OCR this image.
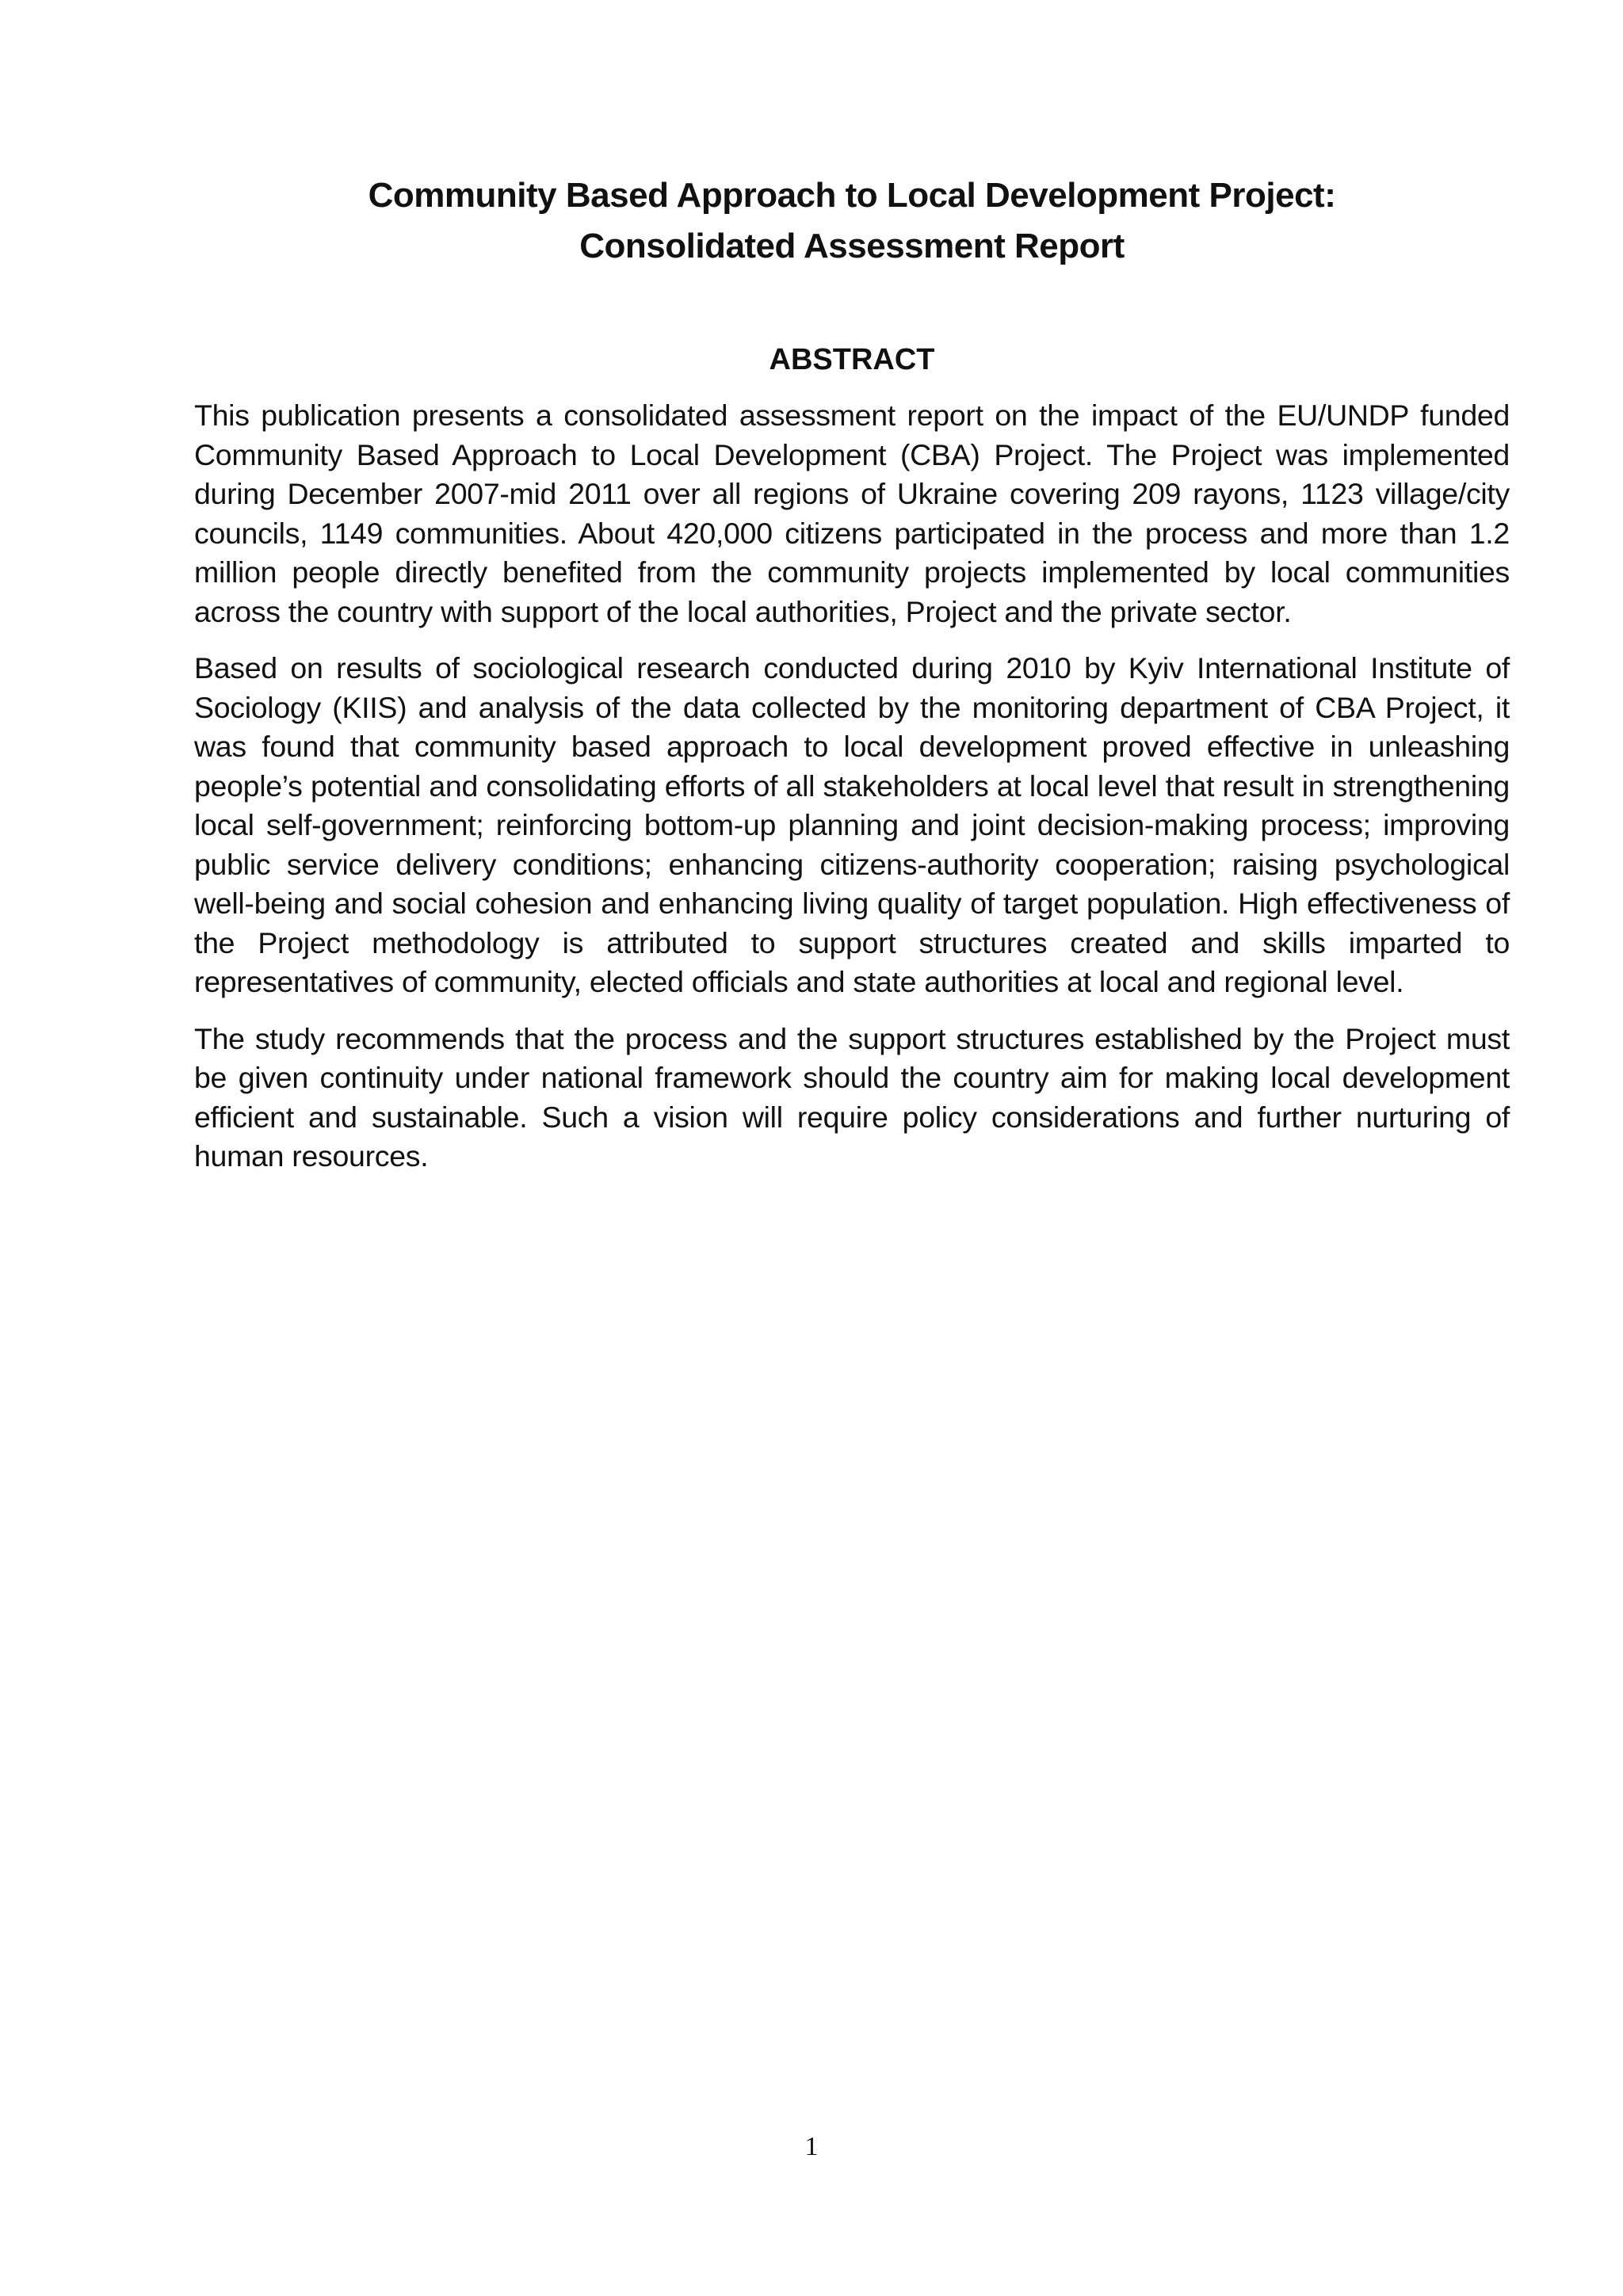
Community Based Approach to Local Development Project:
Consolidated Assessment Report
ABSTRACT

This publication presents a consolidated assessment report on the impact of the EU/UNDP funded Community Based Approach to Local Development (CBA) Project. The Project was implemented during December 2007-mid 2011 over all regions of Ukraine covering 209 rayons, 1123 village/city councils, 1149 communities. About 420,000 citizens participated in the process and more than 1.2 million people directly benefited from the community projects implemented by local communities across the country with support of the local authorities, Project and the private sector.

Based on results of sociological research conducted during 2010 by Kyiv International Institute of Sociology (KIIS) and analysis of the data collected by the monitoring department of CBA Project, it was found that community based approach to local development proved effective in unleashing people’s potential and consolidating efforts of all stakeholders at local level that result in strengthening local self-government; reinforcing bottom-up planning and joint decision-making process; improving public service delivery conditions; enhancing citizens-authority cooperation; raising psychological well-being and social cohesion and enhancing living quality of target population. High effectiveness of the Project methodology is attributed to support structures created and skills imparted to representatives of community, elected officials and state authorities at local and regional level.

The study recommends that the process and the support structures established by the Project must be given continuity under national framework should the country aim for making local development efficient and sustainable. Such a vision will require policy considerations and further nurturing of human resources.

1
